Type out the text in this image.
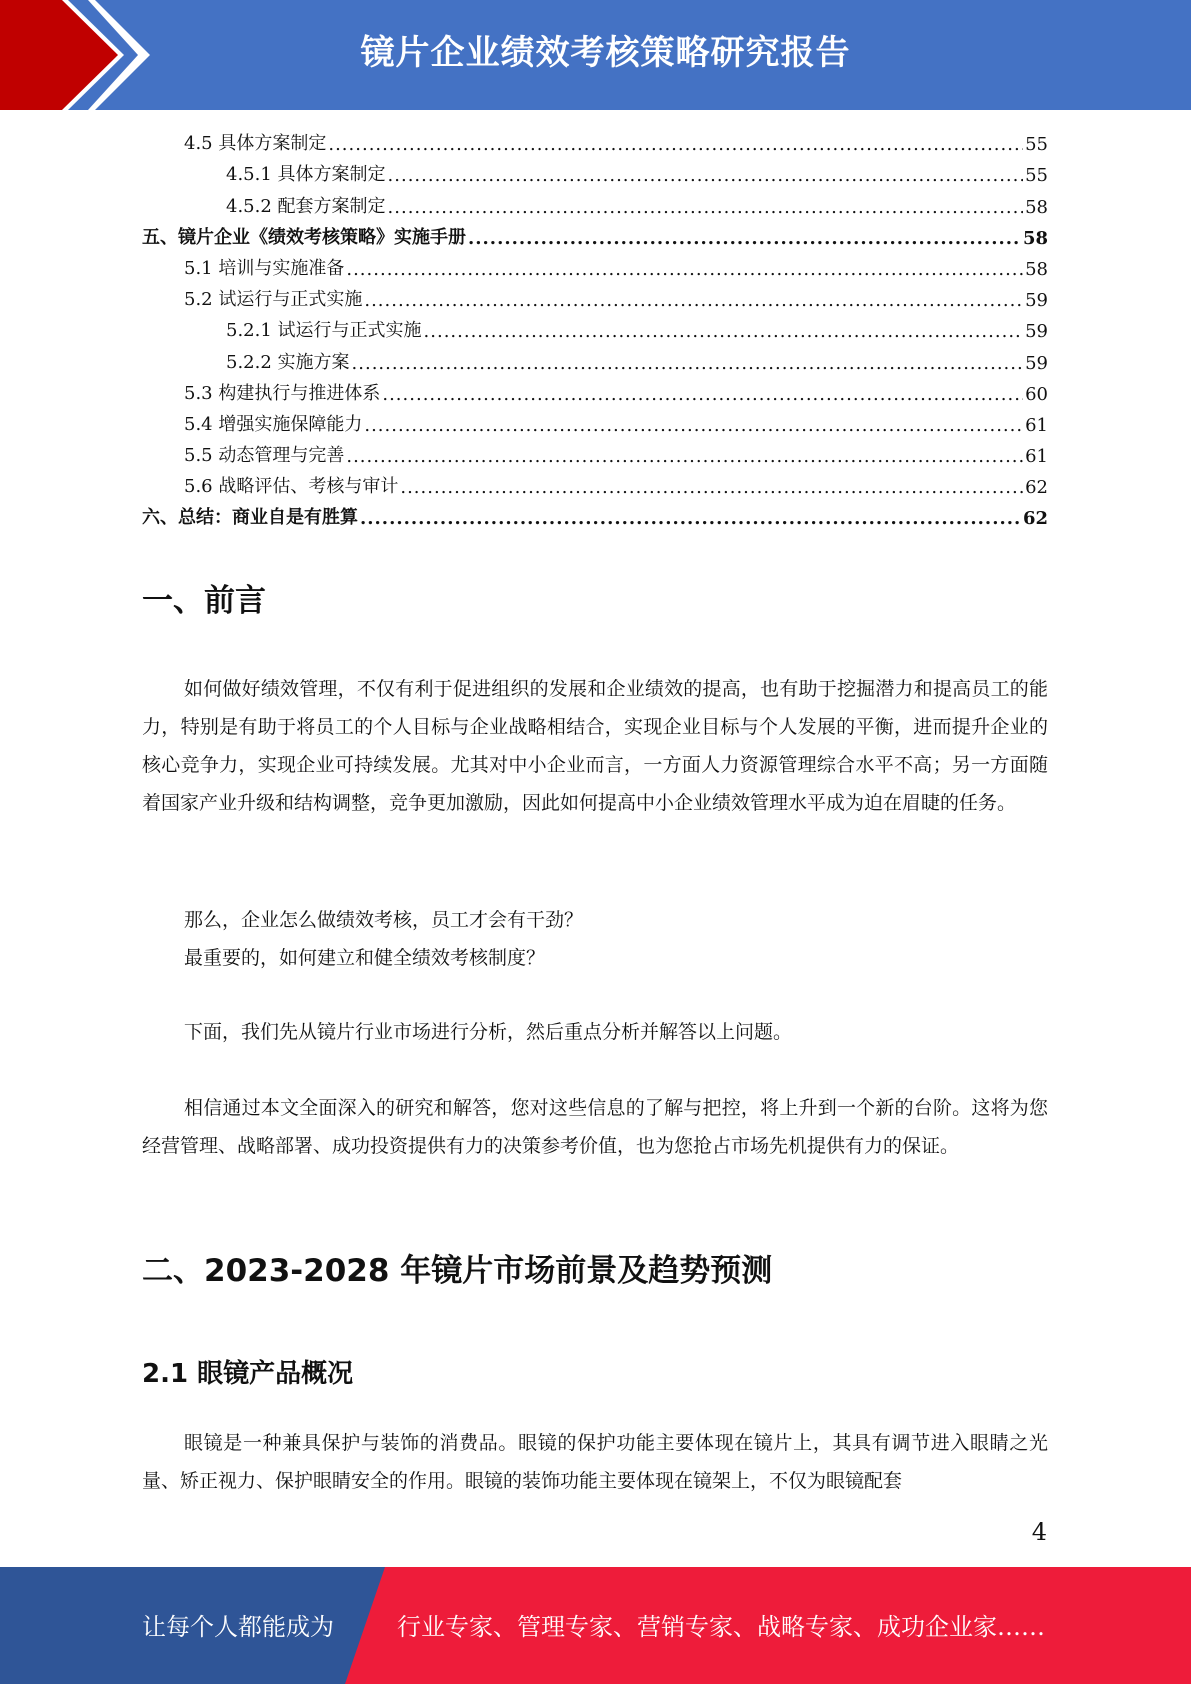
镜片企业绩效考核策略研究报告
4.5 具体方案制定 .....	55
4.5.1 具体方案制定 .....	55
4.5.2 配套方案制定 .....	58
五、镜片企业《绩效考核策略》实施手册 .....	58
5.1 培训与实施准备 .....	58
5.2 试运行与正式实施 .....	59
5.2.1 试运行与正式实施 .....	59
5.2.2 实施方案 .....	59
5.3 构建执行与推进体系 .....	60
5.4 增强实施保障能力 .....	61
5.5 动态管理与完善 .....	61
5.6 战略评估、考核与审计 .....	62
六、总结：商业自是有胜算 .....	62
一、前言

如何做好绩效管理，不仅有利于促进组织的发展和企业绩效的提高，也有助于挖掘潜力和提高员工的能力，特别是有助于将员工的个人目标与企业战略相结合，实现企业目标与个人发展的平衡，进而提升企业的核心竞争力，实现企业可持续发展。尤其对中小企业而言，一方面人力资源管理综合水平不高；另一方面随着国家产业升级和结构调整，竞争更加激励，因此如何提高中小企业绩效管理水平成为迫在眉睫的任务。

那么，企业怎么做绩效考核，员工才会有干劲？
最重要的，如何建立和健全绩效考核制度？

下面，我们先从镜片行业市场进行分析，然后重点分析并解答以上问题。

相信通过本文全面深入的研究和解答，您对这些信息的了解与把控，将上升到一个新的台阶。这将为您经营管理、战略部署、成功投资提供有力的决策参考价值，也为您抢占市场先机提供有力的保证。

二、2023-2028 年镜片市场前景及趋势预测
2.1 眼镜产品概况

眼镜是一种兼具保护与装饰的消费品。眼镜的保护功能主要体现在镜片上，其具有调节进入眼睛之光量、矫正视力、保护眼睛安全的作用。眼镜的装饰功能主要体现在镜架上，不仅为眼镜配套

4
让每个人都能成为	行业专家、管理专家、营销专家、战略专家、成功企业家……
